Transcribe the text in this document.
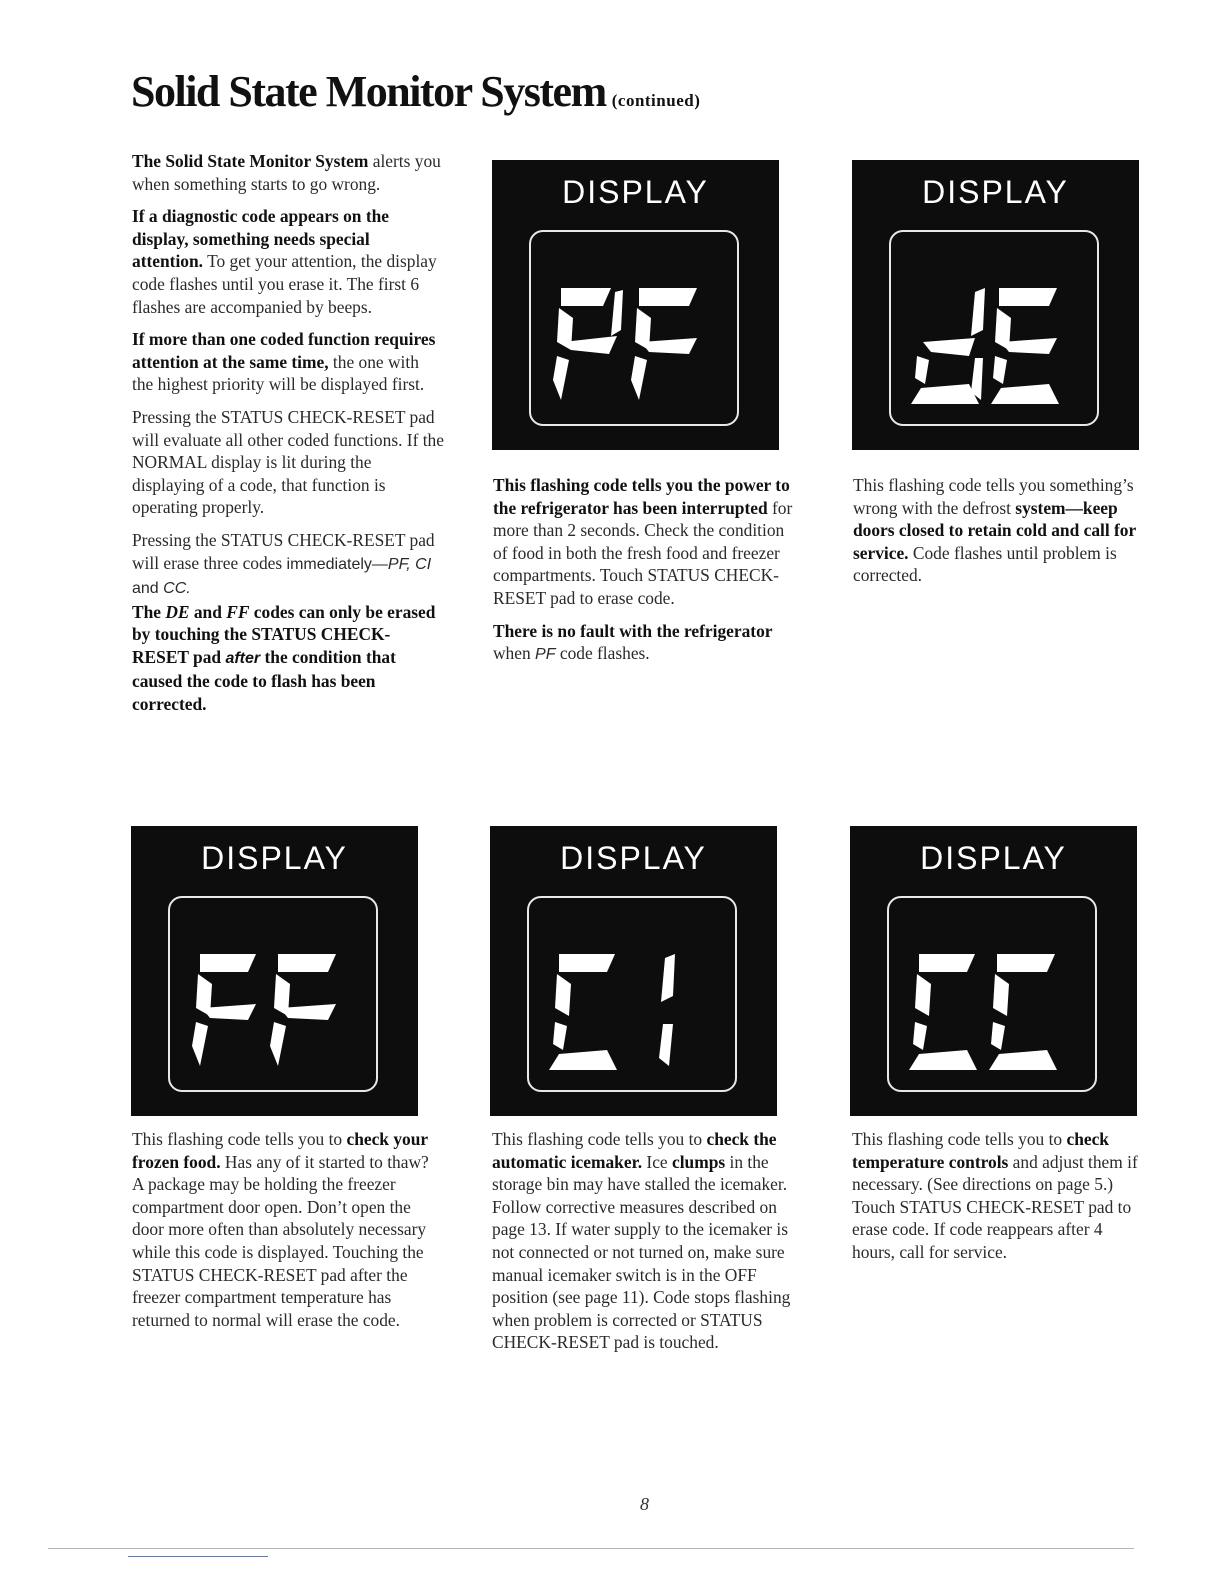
Solid State Monitor System (continued)

The Solid State Monitor System alerts you when something starts to go wrong.

If a diagnostic code appears on the display, something needs special attention. To get your attention, the display code flashes until you erase it. The first 6 flashes are accompanied by beeps.

If more than one coded function requires attention at the same time, the one with the highest priority will be displayed first.

Pressing the STATUS CHECK-RESET pad will evaluate all other coded functions. If the NORMAL display is lit during the displaying of a code, that function is operating properly.

Pressing the STATUS CHECK-RESET pad will erase three codes immediately—PF, CI and CC.

The DE and FF codes can only be erased by touching the STATUS CHECK-RESET pad after the condition that caused the code to flash has been corrected.

DISPLAY	DISPLAY

This flashing code tells you the power to the refrigerator has been interrupted for more than 2 seconds. Check the condition of food in both the fresh food and freezer compartments. Touch STATUS CHECK-RESET pad to erase code.

There is no fault with the refrigerator when PF code flashes.

This flashing code tells you something’s wrong with the defrost system—keep doors closed to retain cold and call for service. Code flashes until problem is corrected.

DISPLAY	DISPLAY	DISPLAY

This flashing code tells you to check your frozen food. Has any of it started to thaw? A package may be holding the freezer compartment door open. Don’t open the door more often than absolutely necessary while this code is displayed. Touching the STATUS CHECK-RESET pad after the freezer compartment temperature has returned to normal will erase the code.

This flashing code tells you to check the automatic icemaker. Ice clumps in the storage bin may have stalled the icemaker. Follow corrective measures described on page 13. If water supply to the icemaker is not connected or not turned on, make sure manual icemaker switch is in the OFF position (see page 11). Code stops flashing when problem is corrected or STATUS CHECK-RESET pad is touched.

This flashing code tells you to check temperature controls and adjust them if necessary. (See directions on page 5.) Touch STATUS CHECK-RESET pad to erase code. If code reappears after 4 hours, call for service.

8
